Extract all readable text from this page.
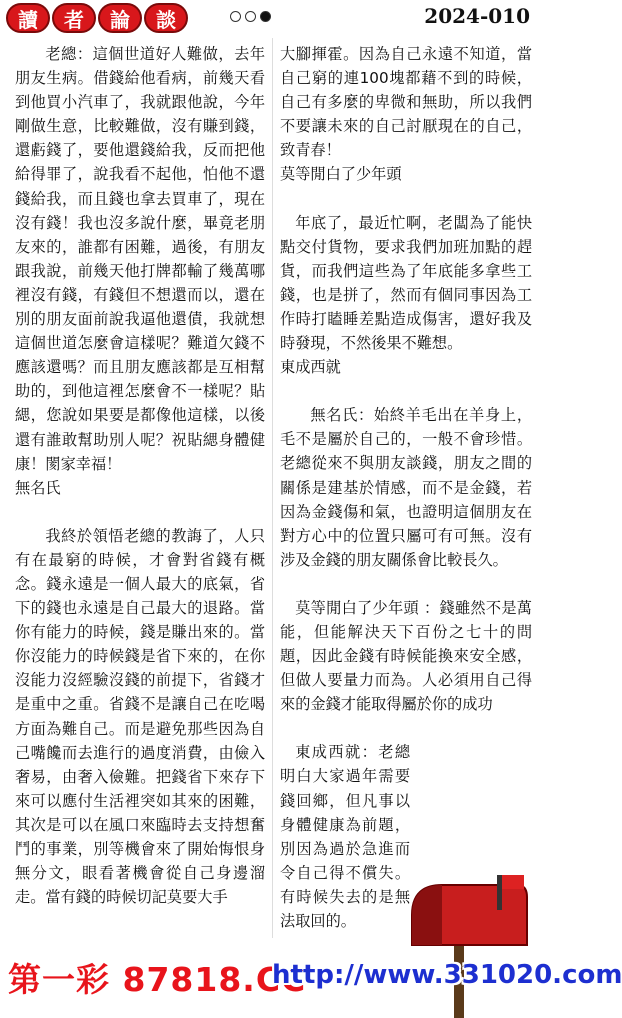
讀	者	論	談	2024-010

老總：這個世道好人難做，去年朋友生病。借錢給他看病，前幾天看到他買小汽車了，我就跟他說，今年剛做生意，比較難做，沒有賺到錢，還虧錢了，要他還錢給我，反而把他給得罪了，說我看不起他，怕他不還錢給我，而且錢也拿去買車了，現在沒有錢！我也沒多說什麼，畢竟老朋友來的，誰都有困難，過後，有朋友跟我說，前幾天他打牌都輸了幾萬哪裡沒有錢，有錢但不想還而以，還在別的朋友面前說我逼他還債，我就想這個世道怎麼會這樣呢？難道欠錢不應該還嗎？而且朋友應該都是互相幫助的，到他這裡怎麼會不一樣呢？貼緦，您說如果要是都像他這樣，以後還有誰敢幫助別人呢？祝貼緦身體健康！閡家幸福！

無名氏

我終於領悟老總的教誨了，人只有在最窮的時候，才會對省錢有概念。錢永遠是一個人最大的底氣，省下的錢也永遠是自己最大的退路。當你有能力的時候，錢是賺出來的。當你沒能力的時候錢是省下來的，在你沒能力沒經驗沒錢的前提下，省錢才是重中之重。省錢不是讓自己在吃喝方面為難自己。而是避免那些因為自己嘴饞而去進行的過度消費，由儉入奢易，由奢入儉難。把錢省下來存下來可以應付生活裡突如其來的困難，其次是可以在風口來臨時去支持想奮鬥的事業，別等機會來了開始悔恨身無分文，眼看著機會從自己身邊溜走。當有錢的時候切記莫要大手

大腳揮霍。因為自己永遠不知道，當自己窮的連100塊都藉不到的時候，自己有多麼的卑微和無助，所以我們不要讓未來的自己討厭現在的自己，致青春！

莫等閒白了少年頭

年底了，最近忙啊，老闆為了能快點交付貨物，要求我們加班加點的趕貨，而我們這些為了年底能多拿些工錢，也是拼了，然而有個同事因為工作時打瞌睡差點造成傷害，還好我及時發現，不然後果不難想。

東成西就

無名氏：始終羊毛出在羊身上，毛不是屬於自己的，一般不會珍惜。老總從來不與朋友談錢，朋友之間的關係是建基於情感，而不是金錢，若因為金錢傷和氣，也證明這個朋友在對方心中的位置只屬可有可無。沒有涉及金錢的朋友關係會比較長久。

莫等閒白了少年頭 ：錢雖然不是萬能，但能解決天下百份之七十的問題，因此金錢有時候能換來安全感，但做人要量力而為。人必須用自己得來的金錢才能取得屬於你的成功

東成西就：老總明白大家過年需要錢回鄉，但凡事以身體健康為前題，別因為過於急進而令自己得不償失。有時候失去的是無法取回的。

第一彩 87818.CC
http://www.331020.com
